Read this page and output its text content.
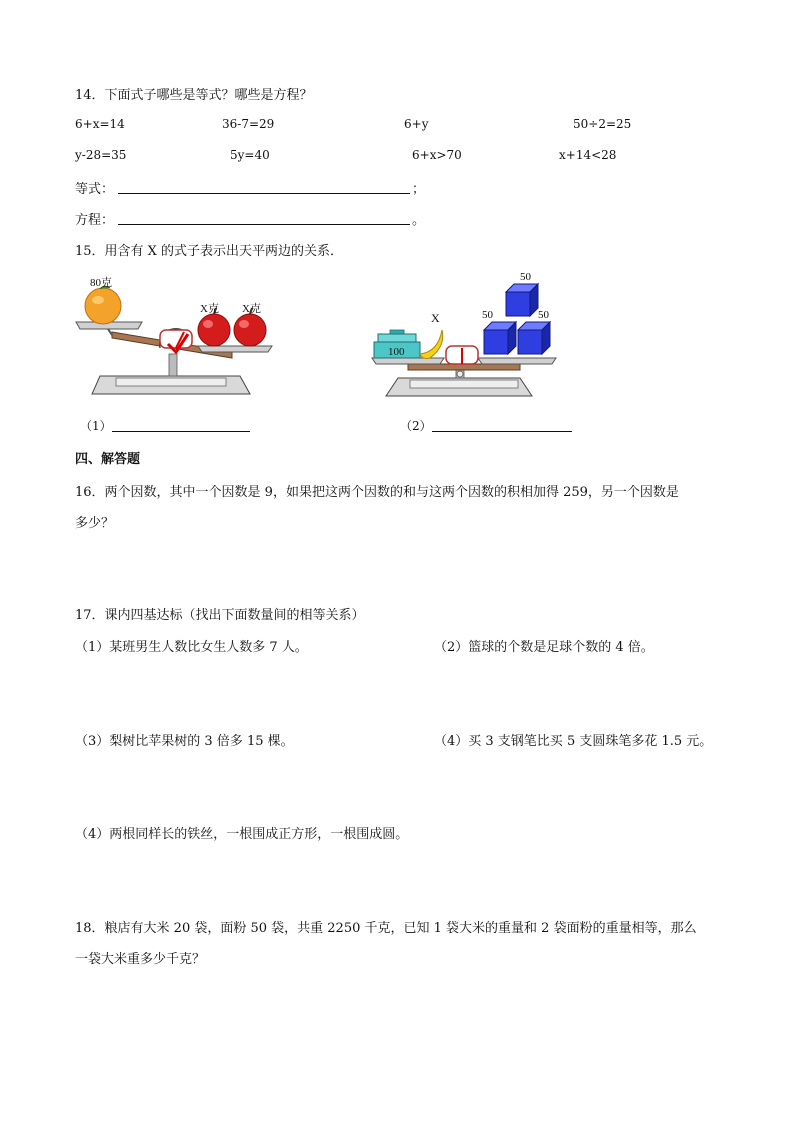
14．下面式子哪些是等式？哪些是方程？
6+x=14	36-7=29	6+y	50÷2=25
y-28=35	5y=40	6+x>70	x+14<28
等式：	；
方程：	。
15．用含有 X 的式子表示出天平两边的关系．
80克
X克 X克
100
X
50
50	50
（1）	（2）
四、解答题
16．两个因数，其中一个因数是 9，如果把这两个因数的和与这两个因数的积相加得 259，另一个因数是
多少？
17．课内四基达标（找出下面数量间的相等关系）
（1）某班男生人数比女生人数多 7 人。	（2）篮球的个数是足球个数的 4 倍。
（3）梨树比苹果树的 3 倍多 15 棵。	（4）买 3 支钢笔比买 5 支圆珠笔多花 1.5 元。
（4）两根同样长的铁丝，一根围成正方形，一根围成圆。
18．粮店有大米 20 袋，面粉 50 袋，共重 2250 千克，已知 1 袋大米的重量和 2 袋面粉的重量相等，那么
一袋大米重多少千克？
